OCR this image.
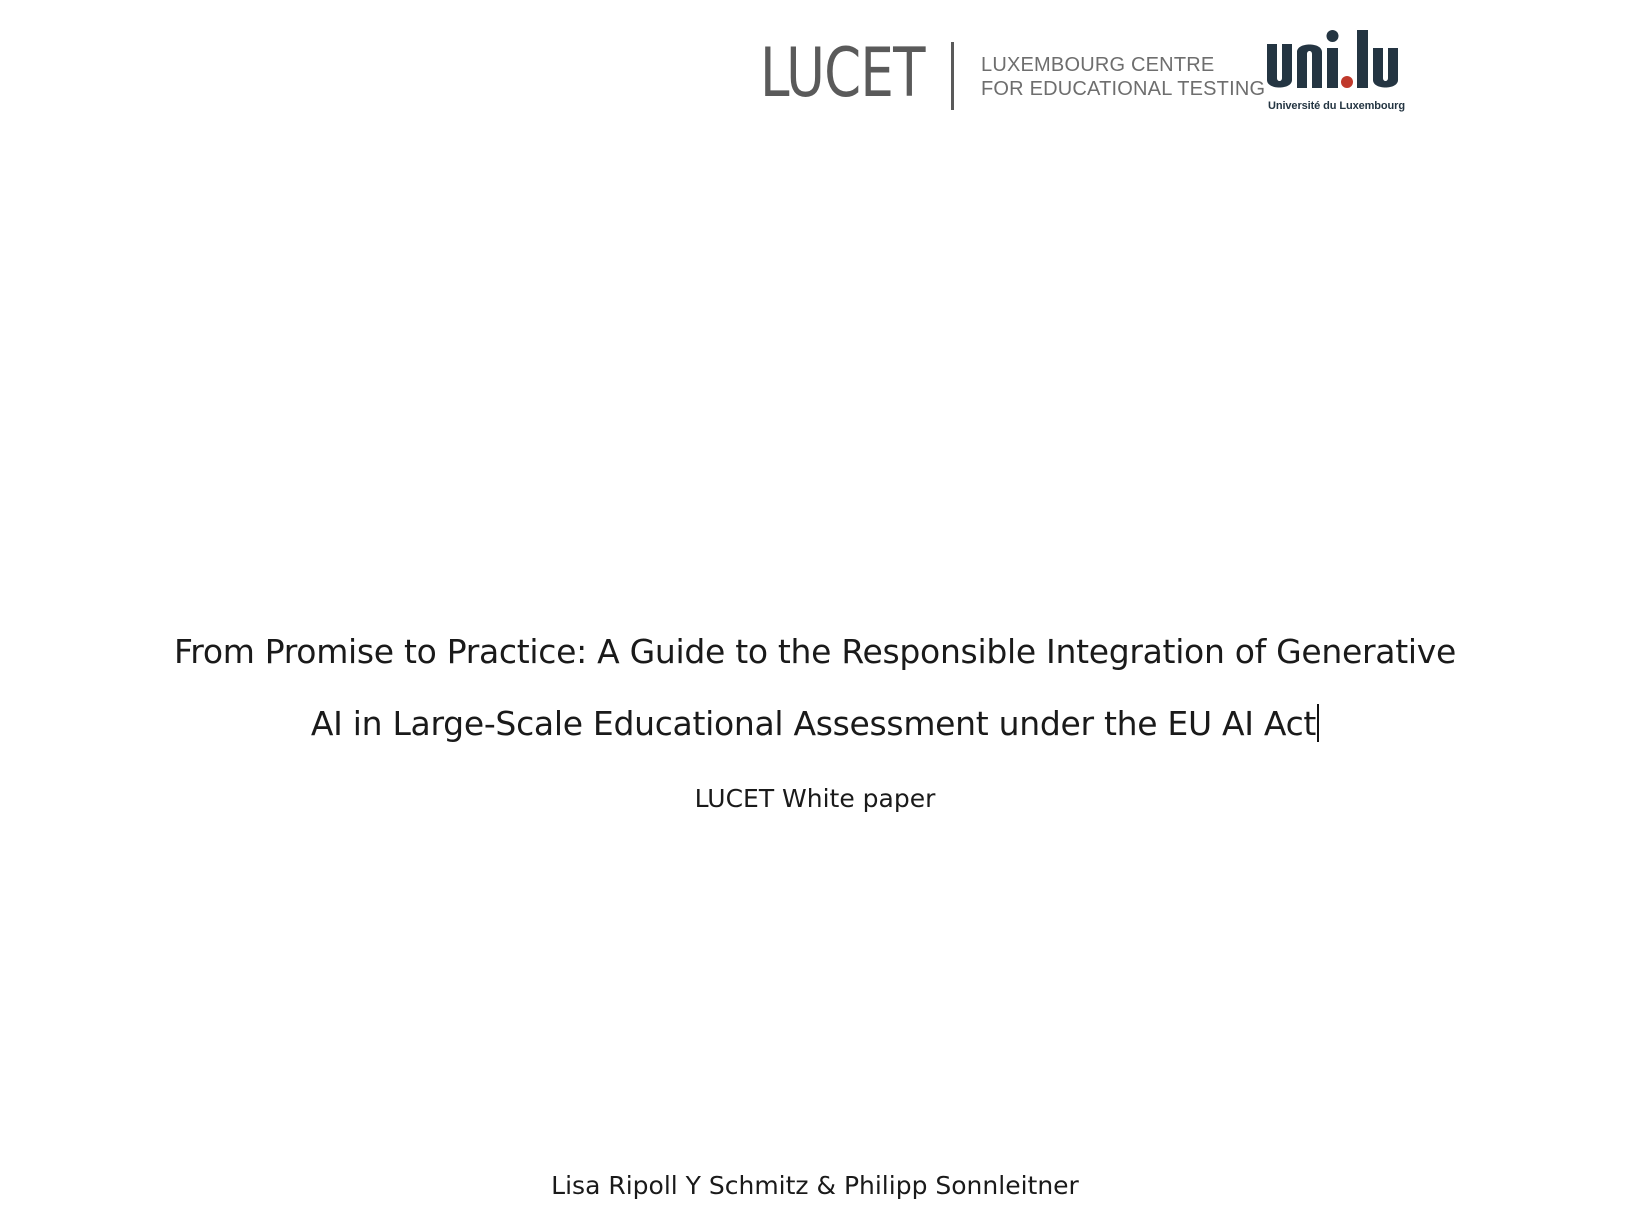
LUCET	LUXEMBOURG CENTRE
FOR EDUCATIONAL TESTING
Université du Luxembourg
From Promise to Practice: A Guide to the Responsible Integration of Generative
AI in Large-Scale Educational Assessment under the EU AI Act
LUCET White paper
Lisa Ripoll Y Schmitz & Philipp Sonnleitner
